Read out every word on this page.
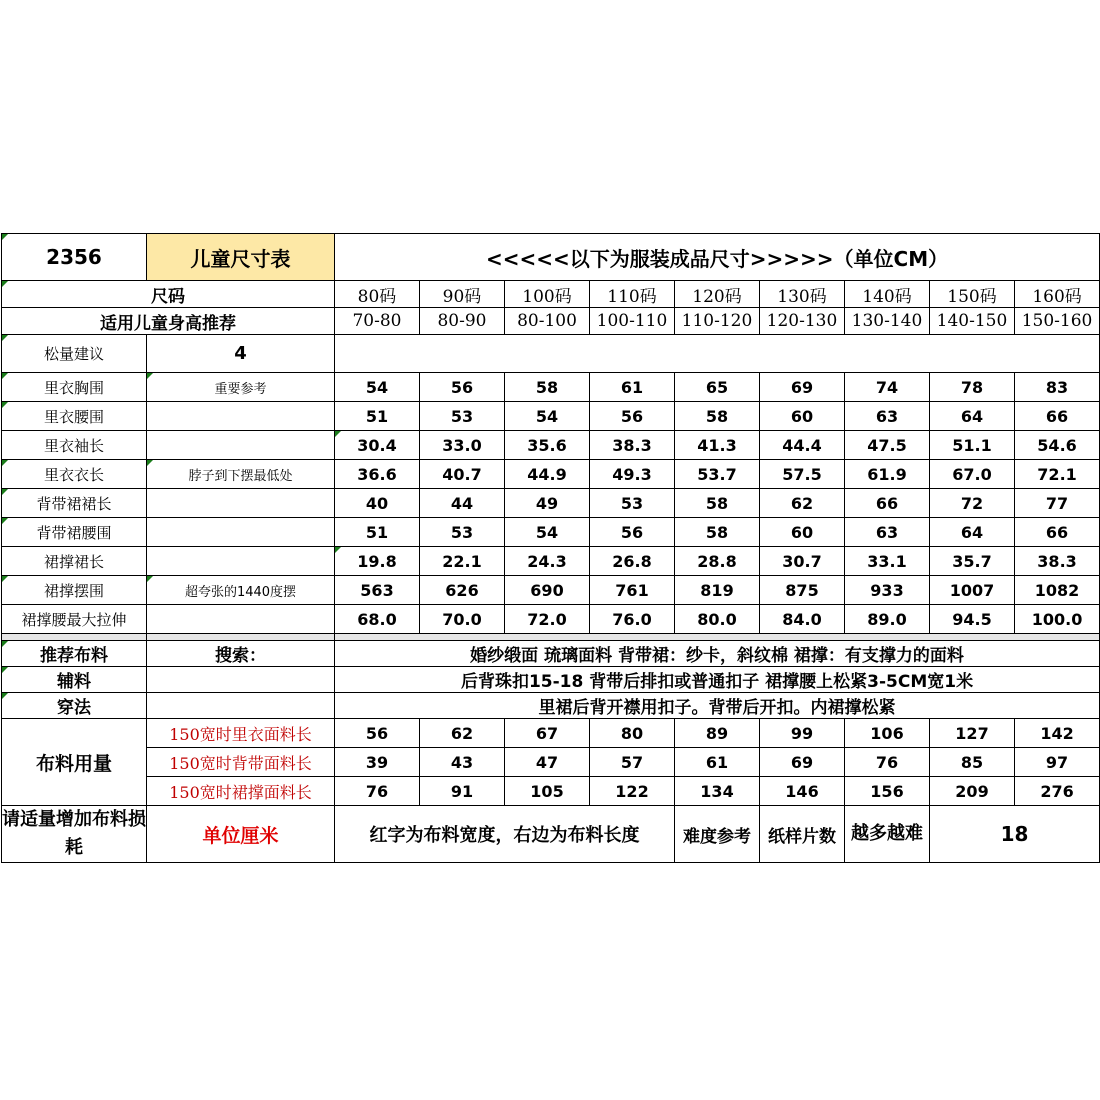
2356	儿童尺寸表	<<<<<以下为服装成品尺寸>>>>>（单位CM）								
尺码		80码	90码	100码	110码	120码	130码	140码	150码	160码
适用儿童身高推荐		70-80	80-90	80-100	100-110	110-120	120-130	130-140	140-150	150-160
松量建议	4									
里衣胸围	重要参考	54	56	58	61	65	69	74	78	83
里衣腰围		51	53	54	56	58	60	63	64	66
里衣袖长		30.4	33.0	35.6	38.3	41.3	44.4	47.5	51.1	54.6
里衣衣长	脖子到下摆最低处	36.6	40.7	44.9	49.3	53.7	57.5	61.9	67.0	72.1
背带裙裙长		40	44	49	53	58	62	66	72	77
背带裙腰围		51	53	54	56	58	60	63	64	66
裙撑裙长		19.8	22.1	24.3	26.8	28.8	30.7	33.1	35.7	38.3
裙撑摆围	超夸张的1440度摆	563	626	690	761	819	875	933	1007	1082
裙撑腰最大拉伸		68.0	70.0	72.0	76.0	80.0	84.0	89.0	94.5	100.0

推荐布料	搜索：	婚纱缎面 琉璃面料 背带裙：纱卡，斜纹棉 裙撑：有支撑力的面料								
辅料		后背珠扣15-18 背带后排扣或普通扣子 裙撑腰上松紧3-5CM宽1米								
穿法		里裙后背开襟用扣子。背带后开扣。内裙撑松紧								
布料用量	150宽时里衣面料长	56	62	67	80	89	99	106	127	142
	150宽时背带面料长	39	43	47	57	61	69	76	85	97
	150宽时裙撑面料长	76	91	105	122	134	146	156	209	276
请适量增加布料损耗	单位厘米	红字为布料宽度，右边为布料长度				难度参考	纸样片数	越多越难	18	
